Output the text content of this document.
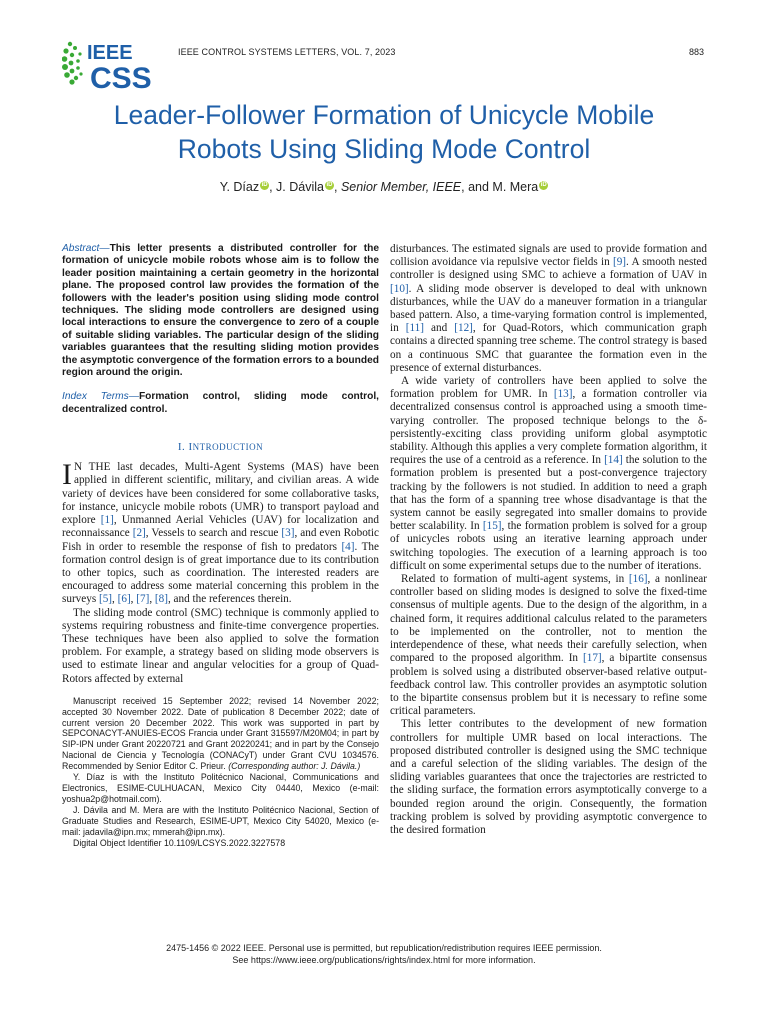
IEEE
CSS
IEEE CONTROL SYSTEMS LETTERS, VOL. 7, 2023	883
Leader-Follower Formation of Unicycle Mobile
Robots Using Sliding Mode Control
Y. Díaz iD , J. Dávila iD , Senior Member, IEEE, and M. Mera iD

Abstract—This letter presents a distributed controller for the formation of unicycle mobile robots whose aim is to follow the leader position maintaining a certain geometry in the horizontal plane. The proposed control law provides the formation of the followers with the leader's position using sliding mode control techniques. The sliding mode controllers are designed using local interactions to ensure the convergence to zero of a couple of suitable sliding variables. The particular design of the sliding variables guarantees that the resulting sliding motion provides the asymptotic convergence of the formation errors to a bounded region around the origin.

Index Terms—Formation control, sliding mode control, decentralized control.

I. INTRODUCTION

I N THE last decades, Multi-Agent Systems (MAS) have been applied in different scientific, military, and civilian areas. A wide variety of devices have been considered for some collaborative tasks, for instance, unicycle mobile robots (UMR) to transport payload and explore [1], Unmanned Aerial Vehicles (UAV) for localization and reconnaissance [2], Vessels to search and rescue [3], and even Robotic Fish in order to resemble the response of fish to predators [4]. The formation control design is of great importance due to its contribution to other topics, such as coordination. The interested readers are encouraged to address some material concerning this problem in the surveys [5], [6], [7], [8], and the references therein.

The sliding mode control (SMC) technique is commonly applied to systems requiring robustness and finite-time convergence properties. These techniques have been also applied to solve the formation problem. For example, a strategy based on sliding mode observers is used to estimate linear and angular velocities for a group of Quad-Rotors affected by external

Manuscript received 15 September 2022; revised 14 November 2022; accepted 30 November 2022. Date of publication 8 December 2022; date of current version 20 December 2022. This work was supported in part by SEPCONACYT-ANUIES-ECOS Francia under Grant 315597/M20M04; in part by SIP-IPN under Grant 20220721 and Grant 20220241; and in part by the Consejo Nacional de Ciencia y Tecnología (CONACyT) under Grant CVU 1034576. Recommended by Senior Editor C. Prieur. (Corresponding author: J. Dávila.)

Y. Díaz is with the Instituto Politécnico Nacional, Communications and Electronics, ESIME-CULHUACAN, Mexico City 04440, Mexico (e-mail: yoshua2p@hotmail.com).

J. Dávila and M. Mera are with the Instituto Politécnico Nacional, Section of Graduate Studies and Research, ESIME-UPT, Mexico City 54020, Mexico (e-mail: jadavila@ipn.mx; mmerah@ipn.mx).

Digital Object Identifier 10.1109/LCSYS.2022.3227578

disturbances. The estimated signals are used to provide formation and collision avoidance via repulsive vector fields in [9]. A smooth nested controller is designed using SMC to achieve a formation of UAV in [10]. A sliding mode observer is developed to deal with unknown disturbances, while the UAV do a maneuver formation in a triangular based pattern. Also, a time-varying formation control is implemented, in [11] and [12], for Quad-Rotors, which communication graph contains a directed spanning tree scheme. The control strategy is based on a continuous SMC that guarantee the formation even in the presence of external disturbances.

A wide variety of controllers have been applied to solve the formation problem for UMR. In [13], a formation controller via decentralized consensus control is approached using a smooth time-varying controller. The proposed technique belongs to the δ-persistently-exciting class providing uniform global asymptotic stability. Although this applies a very complete formation algorithm, it requires the use of a centroid as a reference. In [14] the solution to the formation problem is presented but a post-convergence trajectory tracking by the followers is not studied. In addition to need a graph that has the form of a spanning tree whose disadvantage is that the system cannot be easily segregated into smaller domains to provide better scalability. In [15], the formation problem is solved for a group of unicycles robots using an iterative learning approach under switching topologies. The execution of a learning approach is too difficult on some experimental setups due to the number of iterations.

Related to formation of multi-agent systems, in [16], a nonlinear controller based on sliding modes is designed to solve the fixed-time consensus of multiple agents. Due to the design of the algorithm, in a chained form, it requires additional calculus related to the parameters to be implemented on the controller, not to mention the interdependence of these, what needs their carefully selection, when compared to the proposed algorithm. In [17], a bipartite consensus problem is solved using a distributed observer-based relative output-feedback control law. This controller provides an asymptotic solution to the bipartite consensus problem but it is necessary to refine some critical parameters.

This letter contributes to the development of new formation controllers for multiple UMR based on local interactions. The proposed distributed controller is designed using the SMC technique and a careful selection of the sliding variables. The design of the sliding variables guarantees that once the trajectories are restricted to the sliding surface, the formation errors asymptotically converge to a bounded region around the origin. Consequently, the formation tracking problem is solved by providing asymptotic convergence to the desired formation

2475-1456 © 2022 IEEE. Personal use is permitted, but republication/redistribution requires IEEE permission.
See https://www.ieee.org/publications/rights/index.html for more information.
